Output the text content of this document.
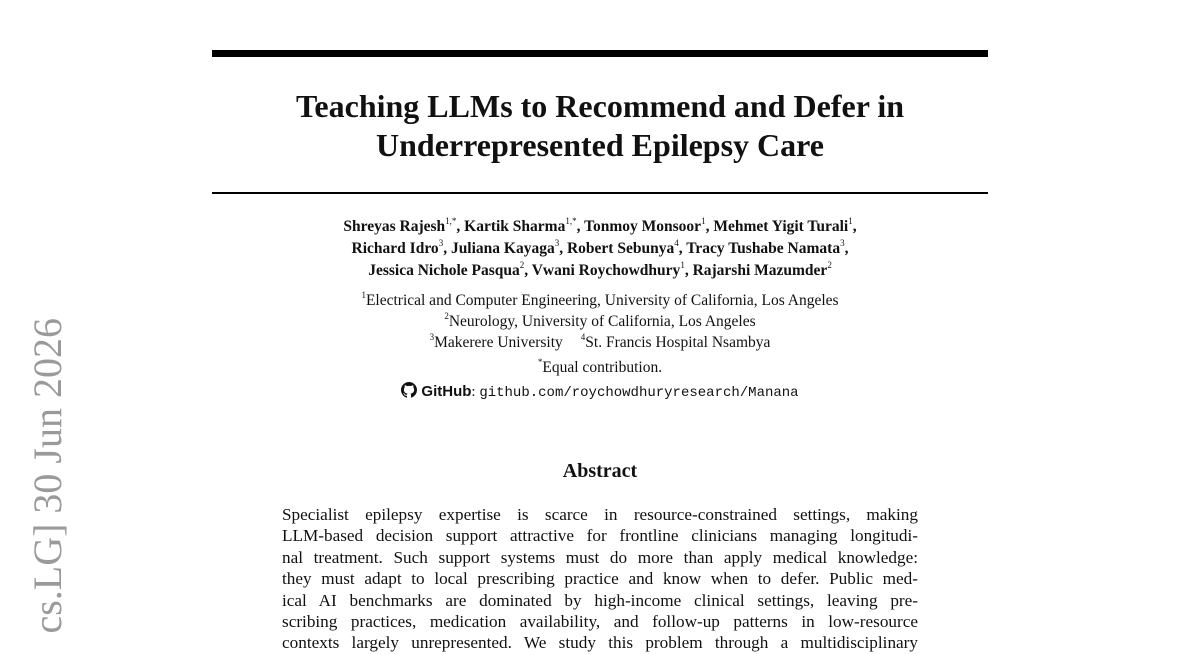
cs.LG] 30 Jun 2026
Teaching LLMs to Recommend and Defer in
Underrepresented Epilepsy Care
Shreyas Rajesh$^{1,*}$, Kartik Sharma$^{1,*}$, Tonmoy Monsoor$^1$, Mehmet Yigit Turali$^1$,
Richard Idro$^3$, Juliana Kayaga$^3$, Robert Sebunya$^4$, Tracy Tushabe Namata$^3$,
Jessica Nichole Pasqua$^2$, Vwani Roychowdhury$^1$, Rajarshi Mazumder$^2$
$^1$Electrical and Computer Engineering, University of California, Los Angeles
$^2$Neurology, University of California, Los Angeles
$^3$Makerere University $^4$St. Francis Hospital Nsambya
*Equal contribution.
GitHub: github.com/roychowdhuryresearch/Manana
Abstract
Specialist epilepsy expertise is scarce in resource-constrained settings, making
LLM-based decision support attractive for frontline clinicians managing longitudi-
nal treatment. Such support systems must do more than apply medical knowledge:
they must adapt to local prescribing practice and know when to defer. Public med-
ical AI benchmarks are dominated by high-income clinical settings, leaving pre-
scribing practices, medication availability, and follow-up patterns in low-resource
contexts largely unrepresented. We study this problem through a multidisciplinary
